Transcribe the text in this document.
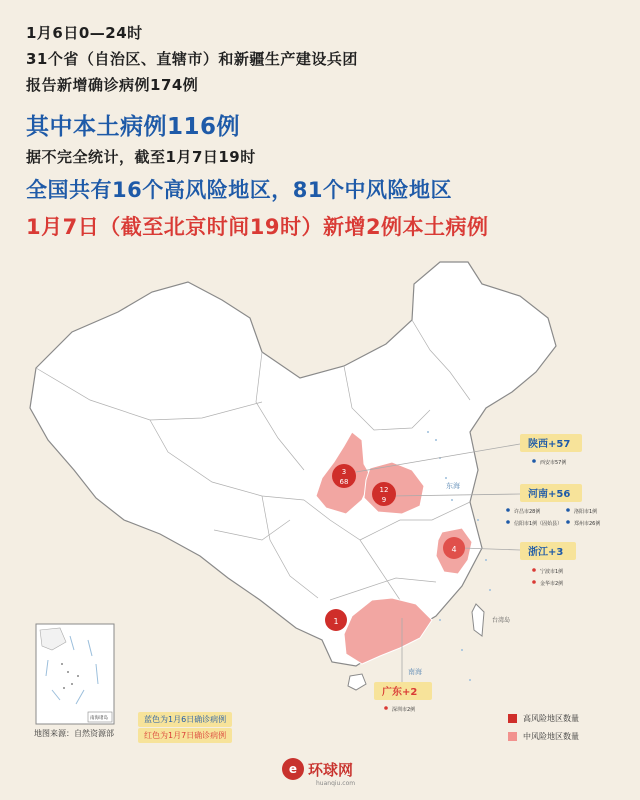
1月6日0—24时

31个省（自治区、直辖市）和新疆生产建设兵团

报告新增确诊病例174例

其中本土病例116例

据不完全统计，截至1月7日19时

全国共有16个高风险地区，81个中风险地区

1月7日（截至北京时间19时）新增2例本土病例

东海
台湾岛
南海
3
68
12
9
4
1
陕西+57
西安市57例
河南+56
许昌市28例	洛阳市1例
信阳市1例（固始县） 郑州市26例
浙江+3
宁波市1例
金华市2例
广东+2
深圳市2例
南海诸岛
地图来源：自然资源部
蓝色为1月6日确诊病例
红色为1月7日确诊病例
高风险地区数量
中风险地区数量
e 环球网
huanqiu.com
